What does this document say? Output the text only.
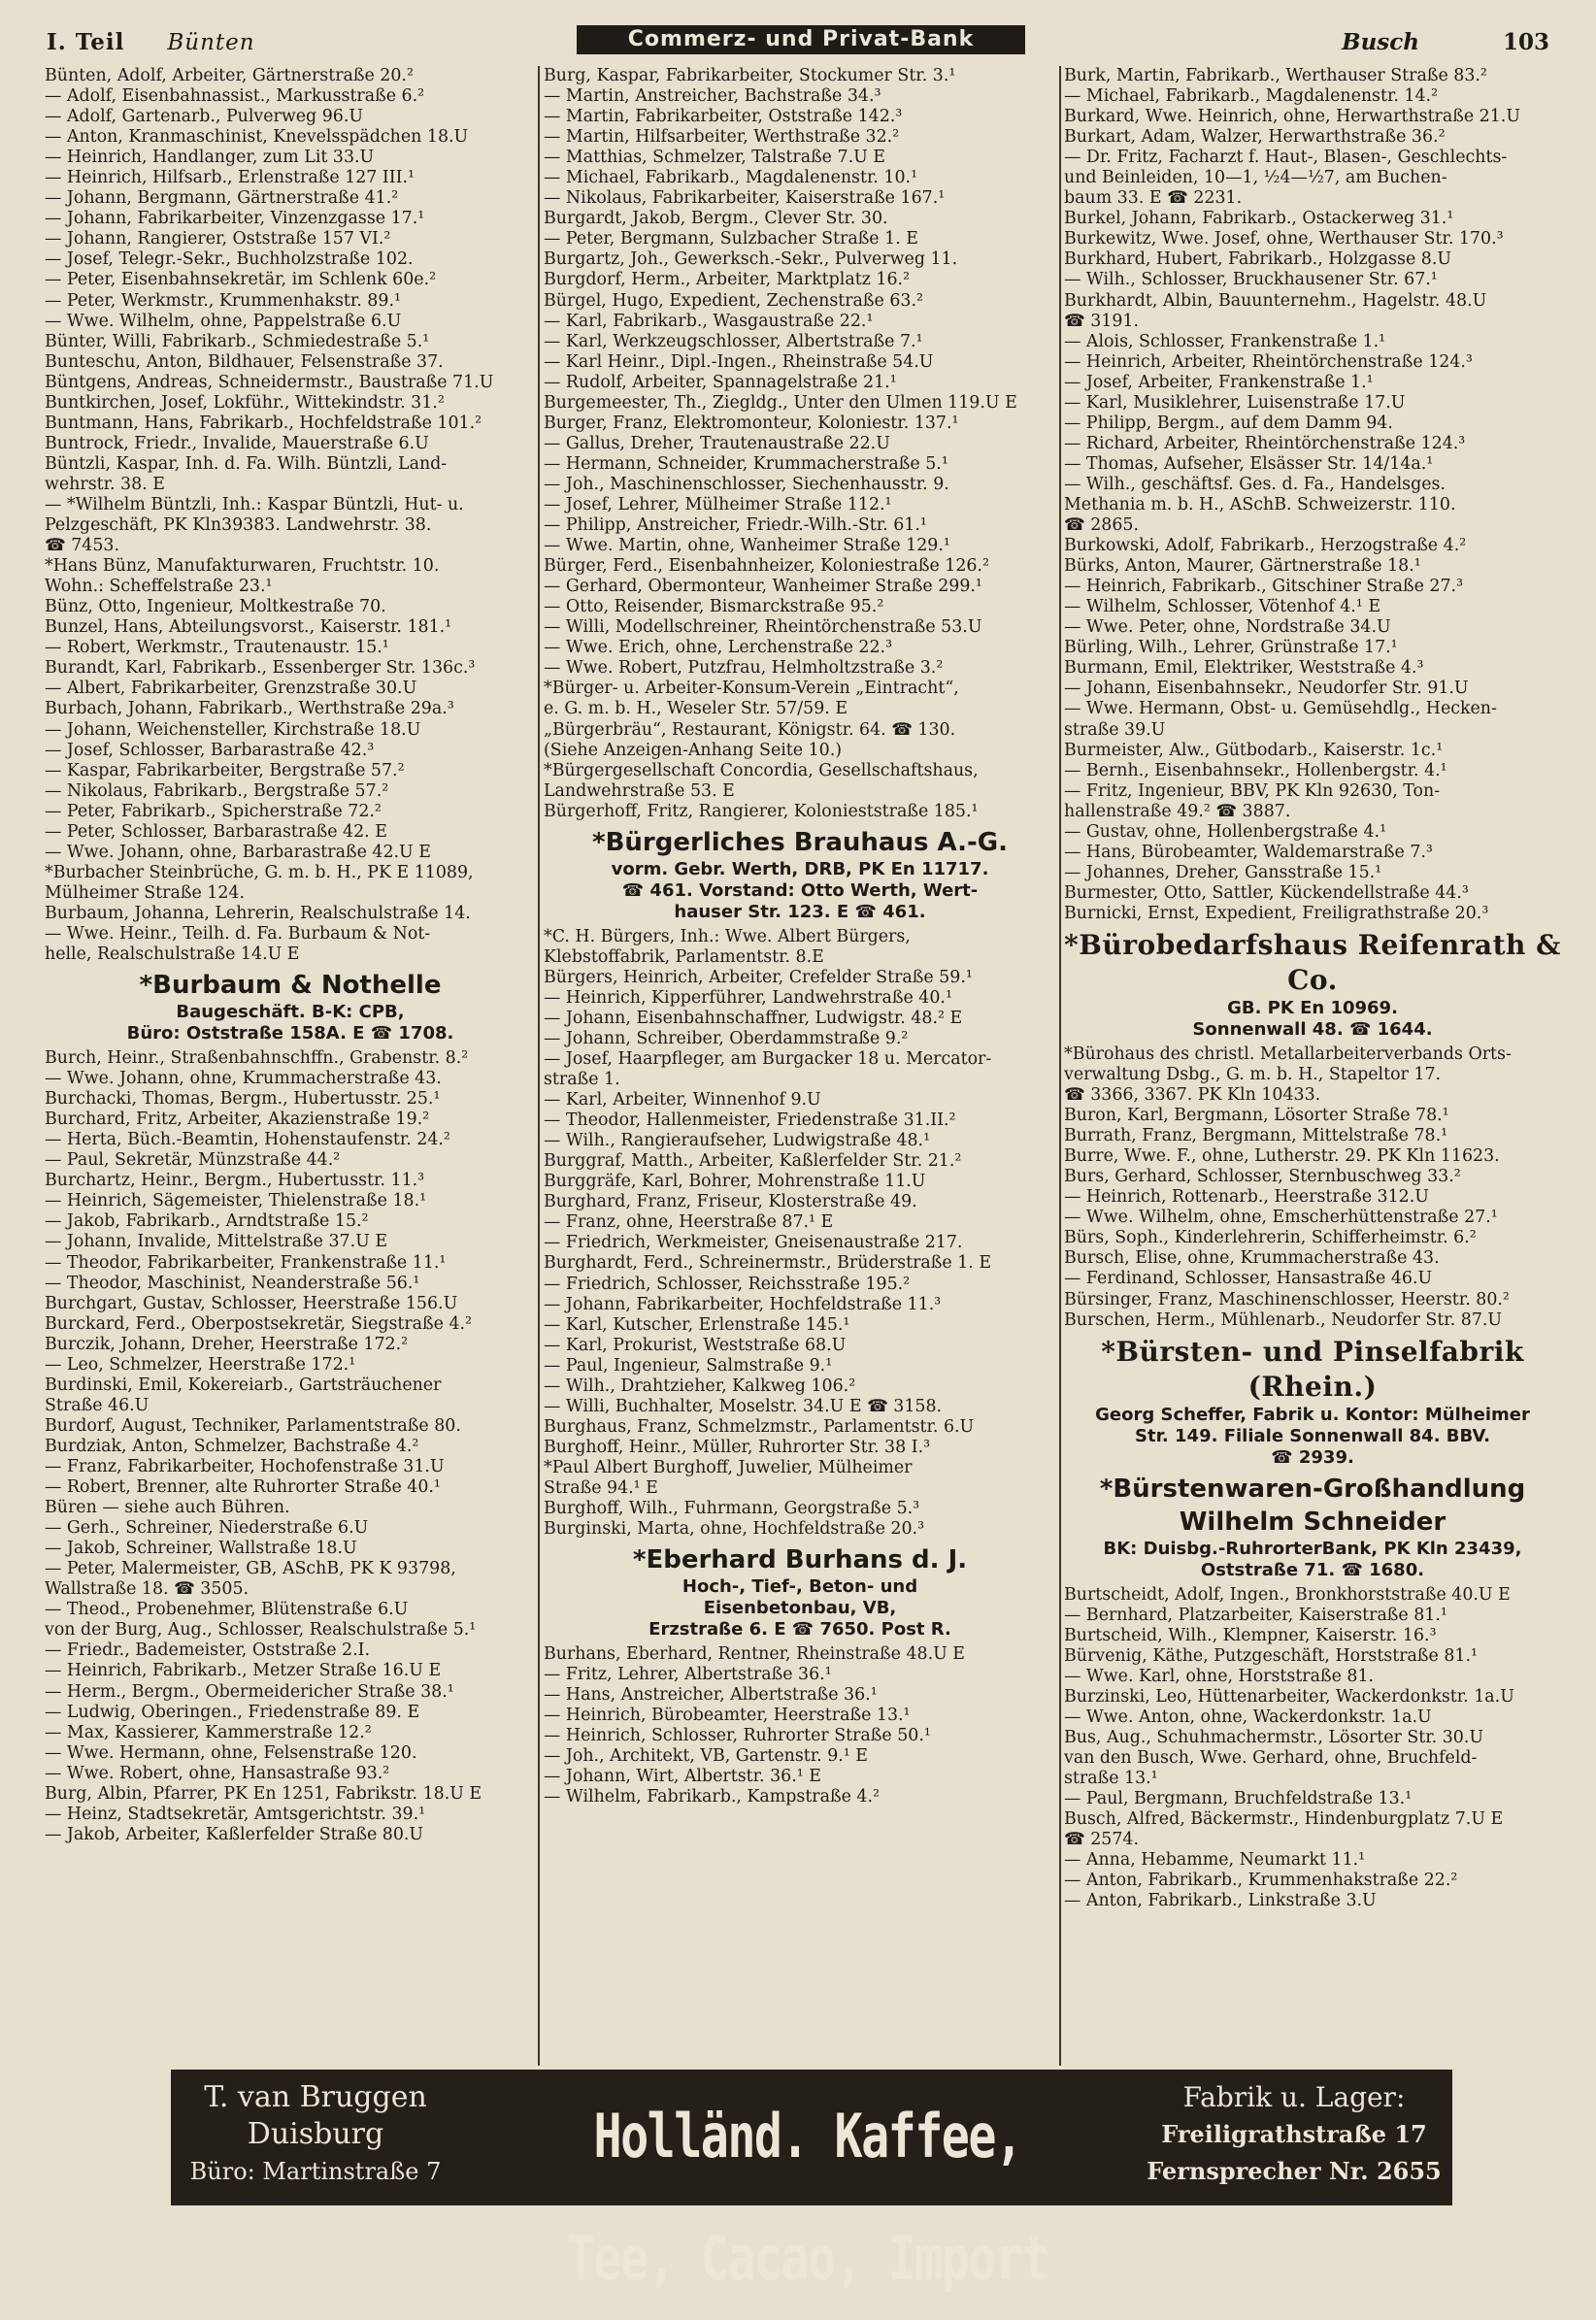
I. Teil Bünten	Commerz- und Privat-Bank	Busch	103
Bünten, Adolf, Arbeiter, Gärtnerstraße 20.²
— Adolf, Eisenbahnassist., Markusstraße 6.²
— Adolf, Gartenarb., Pulverweg 96.U
— Anton, Kranmaschinist, Knevelsspädchen 18.U
— Heinrich, Handlanger, zum Lit 33.U
— Heinrich, Hilfsarb., Erlenstraße 127 III.¹
— Johann, Bergmann, Gärtnerstraße 41.²
— Johann, Fabrikarbeiter, Vinzenzgasse 17.¹
— Johann, Rangierer, Oststraße 157 VI.²
— Josef, Telegr.-Sekr., Buchholzstraße 102.
— Peter, Eisenbahnsekretär, im Schlenk 60e.²
— Peter, Werkmstr., Krummenhakstr. 89.¹
— Wwe. Wilhelm, ohne, Pappelstraße 6.U
Bünter, Willi, Fabrikarb., Schmiedestraße 5.¹
Bunteschu, Anton, Bildhauer, Felsenstraße 37.
Büntgens, Andreas, Schneidermstr., Baustraße 71.U
Buntkirchen, Josef, Lokführ., Wittekindstr. 31.²
Buntmann, Hans, Fabrikarb., Hochfeldstraße 101.²
Buntrock, Friedr., Invalide, Mauerstraße 6.U
Büntzli, Kaspar, Inh. d. Fa. Wilh. Büntzli, Land-
wehrstr. 38. E
— *Wilhelm Büntzli, Inh.: Kaspar Büntzli, Hut- u.
Pelzgeschäft, PK Kln39383. Landwehrstr. 38.
☎ 7453.
*Hans Bünz, Manufakturwaren, Fruchtstr. 10.
Wohn.: Scheffelstraße 23.¹
Bünz, Otto, Ingenieur, Moltkestraße 70.
Bunzel, Hans, Abteilungsvorst., Kaiserstr. 181.¹
— Robert, Werkmstr., Trautenaustr. 15.¹
Burandt, Karl, Fabrikarb., Essenberger Str. 136c.³
— Albert, Fabrikarbeiter, Grenzstraße 30.U
Burbach, Johann, Fabrikarb., Werthstraße 29a.³
— Johann, Weichensteller, Kirchstraße 18.U
— Josef, Schlosser, Barbarastraße 42.³
— Kaspar, Fabrikarbeiter, Bergstraße 57.²
— Nikolaus, Fabrikarb., Bergstraße 57.²
— Peter, Fabrikarb., Spicherstraße 72.²
— Peter, Schlosser, Barbarastraße 42. E
— Wwe. Johann, ohne, Barbarastraße 42.U E
*Burbacher Steinbrüche, G. m. b. H., PK E 11089,
Mülheimer Straße 124.
Burbaum, Johanna, Lehrerin, Realschulstraße 14.
— Wwe. Heinr., Teilh. d. Fa. Burbaum & Not-
helle, Realschulstraße 14.U E
*Burbaum & Nothelle
Baugeschäft. B-K: CPB,
Büro: Oststraße 158A. E ☎ 1708.
Burch, Heinr., Straßenbahnschffn., Grabenstr. 8.²
— Wwe. Johann, ohne, Krummacherstraße 43.
Burchacki, Thomas, Bergm., Hubertusstr. 25.¹
Burchard, Fritz, Arbeiter, Akazienstraße 19.²
— Herta, Büch.-Beamtin, Hohenstaufenstr. 24.²
— Paul, Sekretär, Münzstraße 44.²
Burchartz, Heinr., Bergm., Hubertusstr. 11.³
— Heinrich, Sägemeister, Thielenstraße 18.¹
— Jakob, Fabrikarb., Arndtstraße 15.²
— Johann, Invalide, Mittelstraße 37.U E
— Theodor, Fabrikarbeiter, Frankenstraße 11.¹
— Theodor, Maschinist, Neanderstraße 56.¹
Burchgart, Gustav, Schlosser, Heerstraße 156.U
Burckard, Ferd., Oberpostsekretär, Siegstraße 4.²
Burczik, Johann, Dreher, Heerstraße 172.²
— Leo, Schmelzer, Heerstraße 172.¹
Burdinski, Emil, Kokereiarb., Gartsträuchener
Straße 46.U
Burdorf, August, Techniker, Parlamentstraße 80.
Burdziak, Anton, Schmelzer, Bachstraße 4.²
— Franz, Fabrikarbeiter, Hochofenstraße 31.U
— Robert, Brenner, alte Ruhrorter Straße 40.¹
Büren — siehe auch Bühren.
— Gerh., Schreiner, Niederstraße 6.U
— Jakob, Schreiner, Wallstraße 18.U
— Peter, Malermeister, GB, ASchB, PK K 93798,
Wallstraße 18. ☎ 3505.
— Theod., Probenehmer, Blütenstraße 6.U
von der Burg, Aug., Schlosser, Realschulstraße 5.¹
— Friedr., Bademeister, Oststraße 2.I.
— Heinrich, Fabrikarb., Metzer Straße 16.U E
— Herm., Bergm., Obermeidericher Straße 38.¹
— Ludwig, Oberingen., Friedenstraße 89. E
— Max, Kassierer, Kammerstraße 12.²
— Wwe. Hermann, ohne, Felsenstraße 120.
— Wwe. Robert, ohne, Hansastraße 93.²
Burg, Albin, Pfarrer, PK En 1251, Fabrikstr. 18.U E
— Heinz, Stadtsekretär, Amtsgerichtstr. 39.¹
— Jakob, Arbeiter, Kaßlerfelder Straße 80.U
Burg, Kaspar, Fabrikarbeiter, Stockumer Str. 3.¹
— Martin, Anstreicher, Bachstraße 34.³
— Martin, Fabrikarbeiter, Oststraße 142.³
— Martin, Hilfsarbeiter, Werthstraße 32.²
— Matthias, Schmelzer, Talstraße 7.U E
— Michael, Fabrikarb., Magdalenenstr. 10.¹
— Nikolaus, Fabrikarbeiter, Kaiserstraße 167.¹
Burgardt, Jakob, Bergm., Clever Str. 30.
— Peter, Bergmann, Sulzbacher Straße 1. E
Burgartz, Joh., Gewerksch.-Sekr., Pulverweg 11.
Burgdorf, Herm., Arbeiter, Marktplatz 16.²
Bürgel, Hugo, Expedient, Zechenstraße 63.²
— Karl, Fabrikarb., Wasgaustraße 22.¹
— Karl, Werkzeugschlosser, Albertstraße 7.¹
— Karl Heinr., Dipl.-Ingen., Rheinstraße 54.U
— Rudolf, Arbeiter, Spannagelstraße 21.¹
Burgemeester, Th., Ziegldg., Unter den Ulmen 119.U E
Burger, Franz, Elektromonteur, Koloniestr. 137.¹
— Gallus, Dreher, Trautenaustraße 22.U
— Hermann, Schneider, Krummacherstraße 5.¹
— Joh., Maschinenschlosser, Siechenhausstr. 9.
— Josef, Lehrer, Mülheimer Straße 112.¹
— Philipp, Anstreicher, Friedr.-Wilh.-Str. 61.¹
— Wwe. Martin, ohne, Wanheimer Straße 129.¹
Bürger, Ferd., Eisenbahnheizer, Koloniestraße 126.²
— Gerhard, Obermonteur, Wanheimer Straße 299.¹
— Otto, Reisender, Bismarckstraße 95.²
— Willi, Modellschreiner, Rheintörchenstraße 53.U
— Wwe. Erich, ohne, Lerchenstraße 22.³
— Wwe. Robert, Putzfrau, Helmholtzstraße 3.²
*Bürger- u. Arbeiter-Konsum-Verein „Eintracht“,
e. G. m. b. H., Weseler Str. 57/59. E
„Bürgerbräu“, Restaurant, Königstr. 64. ☎ 130.
(Siehe Anzeigen-Anhang Seite 10.)
*Bürgergesellschaft Concordia, Gesellschaftshaus,
Landwehrstraße 53. E
Bürgerhoff, Fritz, Rangierer, Kolonieststraße 185.¹
*Bürgerliches Brauhaus A.-G.
vorm. Gebr. Werth, DRB, PK En 11717.
☎ 461. Vorstand: Otto Werth, Wert-
hauser Str. 123. E ☎ 461.
*C. H. Bürgers, Inh.: Wwe. Albert Bürgers,
Klebstoffabrik, Parlamentstr. 8.E
Bürgers, Heinrich, Arbeiter, Crefelder Straße 59.¹
— Heinrich, Kipperführer, Landwehrstraße 40.¹
— Johann, Eisenbahnschaffner, Ludwigstr. 48.² E
— Johann, Schreiber, Oberdammstraße 9.²
— Josef, Haarpfleger, am Burgacker 18 u. Mercator-
straße 1.
— Karl, Arbeiter, Winnenhof 9.U
— Theodor, Hallenmeister, Friedenstraße 31.II.²
— Wilh., Rangieraufseher, Ludwigstraße 48.¹
Burggraf, Matth., Arbeiter, Kaßlerfelder Str. 21.²
Burggräfe, Karl, Bohrer, Mohrenstraße 11.U
Burghard, Franz, Friseur, Klosterstraße 49.
— Franz, ohne, Heerstraße 87.¹ E
— Friedrich, Werkmeister, Gneisenaustraße 217.
Burghardt, Ferd., Schreinermstr., Brüderstraße 1. E
— Friedrich, Schlosser, Reichsstraße 195.²
— Johann, Fabrikarbeiter, Hochfeldstraße 11.³
— Karl, Kutscher, Erlenstraße 145.¹
— Karl, Prokurist, Weststraße 68.U
— Paul, Ingenieur, Salmstraße 9.¹
— Wilh., Drahtzieher, Kalkweg 106.²
— Willi, Buchhalter, Moselstr. 34.U E ☎ 3158.
Burghaus, Franz, Schmelzmstr., Parlamentstr. 6.U
Burghoff, Heinr., Müller, Ruhrorter Str. 38 I.³
*Paul Albert Burghoff, Juwelier, Mülheimer
Straße 94.¹ E
Burghoff, Wilh., Fuhrmann, Georgstraße 5.³
Burginski, Marta, ohne, Hochfeldstraße 20.³
*Eberhard Burhans d. J.
Hoch-, Tief-, Beton- und
Eisenbetonbau, VB,
Erzstraße 6. E ☎ 7650. Post R.
Burhans, Eberhard, Rentner, Rheinstraße 48.U E
— Fritz, Lehrer, Albertstraße 36.¹
— Hans, Anstreicher, Albertstraße 36.¹
— Heinrich, Bürobeamter, Heerstraße 13.¹
— Heinrich, Schlosser, Ruhrorter Straße 50.¹
— Joh., Architekt, VB, Gartenstr. 9.¹ E
— Johann, Wirt, Albertstr. 36.¹ E
— Wilhelm, Fabrikarb., Kampstraße 4.²
Burk, Martin, Fabrikarb., Werthauser Straße 83.²
— Michael, Fabrikarb., Magdalenenstr. 14.²
Burkard, Wwe. Heinrich, ohne, Herwarthstraße 21.U
Burkart, Adam, Walzer, Herwarthstraße 36.²
— Dr. Fritz, Facharzt f. Haut-, Blasen-, Geschlechts-
und Beinleiden, 10—1, ½4—½7, am Buchen-
baum 33. E ☎ 2231.
Burkel, Johann, Fabrikarb., Ostackerweg 31.¹
Burkewitz, Wwe. Josef, ohne, Werthauser Str. 170.³
Burkhard, Hubert, Fabrikarb., Holzgasse 8.U
— Wilh., Schlosser, Bruckhausener Str. 67.¹
Burkhardt, Albin, Bauunternehm., Hagelstr. 48.U
☎ 3191.
— Alois, Schlosser, Frankenstraße 1.¹
— Heinrich, Arbeiter, Rheintörchenstraße 124.³
— Josef, Arbeiter, Frankenstraße 1.¹
— Karl, Musiklehrer, Luisenstraße 17.U
— Philipp, Bergm., auf dem Damm 94.
— Richard, Arbeiter, Rheintörchenstraße 124.³
— Thomas, Aufseher, Elsässer Str. 14/14a.¹
— Wilh., geschäftsf. Ges. d. Fa., Handelsges.
Methania m. b. H., ASchB. Schweizerstr. 110.
☎ 2865.
Burkowski, Adolf, Fabrikarb., Herzogstraße 4.²
Bürks, Anton, Maurer, Gärtnerstraße 18.¹
— Heinrich, Fabrikarb., Gitschiner Straße 27.³
— Wilhelm, Schlosser, Vötenhof 4.¹ E
— Wwe. Peter, ohne, Nordstraße 34.U
Bürling, Wilh., Lehrer, Grünstraße 17.¹
Burmann, Emil, Elektriker, Weststraße 4.³
— Johann, Eisenbahnsekr., Neudorfer Str. 91.U
— Wwe. Hermann, Obst- u. Gemüsehdlg., Hecken-
straße 39.U
Burmeister, Alw., Gütbodarb., Kaiserstr. 1c.¹
— Bernh., Eisenbahnsekr., Hollenbergstr. 4.¹
— Fritz, Ingenieur, BBV, PK Kln 92630, Ton-
hallenstraße 49.² ☎ 3887.
— Gustav, ohne, Hollenbergstraße 4.¹
— Hans, Bürobeamter, Waldemarstraße 7.³
— Johannes, Dreher, Gansstraße 15.¹
Burmester, Otto, Sattler, Kückendellstraße 44.³
Burnicki, Ernst, Expedient, Freiligrathstraße 20.³
*Bürobedarfshaus Reifenrath & Co.
GB. PK En 10969.
Sonnenwall 48. ☎ 1644.
*Bürohaus des christl. Metallarbeiterverbands Orts-
verwaltung Dsbg., G. m. b. H., Stapeltor 17.
☎ 3366, 3367. PK Kln 10433.
Buron, Karl, Bergmann, Lösorter Straße 78.¹
Burrath, Franz, Bergmann, Mittelstraße 78.¹
Burre, Wwe. F., ohne, Lutherstr. 29. PK Kln 11623.
Burs, Gerhard, Schlosser, Sternbuschweg 33.²
— Heinrich, Rottenarb., Heerstraße 312.U
— Wwe. Wilhelm, ohne, Emscherhüttenstraße 27.¹
Bürs, Soph., Kinderlehrerin, Schifferheimstr. 6.²
Bursch, Elise, ohne, Krummacherstraße 43.
— Ferdinand, Schlosser, Hansastraße 46.U
Bürsinger, Franz, Maschinenschlosser, Heerstr. 80.²
Burschen, Herm., Mühlenarb., Neudorfer Str. 87.U
*Bürsten- und Pinselfabrik (Rhein.)
Georg Scheffer, Fabrik u. Kontor: Mülheimer
Str. 149. Filiale Sonnenwall 84. BBV.
☎ 2939.
*Bürstenwaren-Großhandlung
Wilhelm Schneider
BK: Duisbg.-RuhrorterBank, PK Kln 23439,
Oststraße 71. ☎ 1680.
Burtscheidt, Adolf, Ingen., Bronkhorststraße 40.U E
— Bernhard, Platzarbeiter, Kaiserstraße 81.¹
Burtscheid, Wilh., Klempner, Kaiserstr. 16.³
Bürvenig, Käthe, Putzgeschäft, Horststraße 81.¹
— Wwe. Karl, ohne, Horststraße 81.
Burzinski, Leo, Hüttenarbeiter, Wackerdonkstr. 1a.U
— Wwe. Anton, ohne, Wackerdonkstr. 1a.U
Bus, Aug., Schuhmachermstr., Lösorter Str. 30.U
van den Busch, Wwe. Gerhard, ohne, Bruchfeld-
straße 13.¹
— Paul, Bergmann, Bruchfeldstraße 13.¹
Busch, Alfred, Bäckermstr., Hindenburgplatz 7.U E
☎ 2574.
— Anna, Hebamme, Neumarkt 11.¹
— Anton, Fabrikarb., Krummenhakstraße 22.²
— Anton, Fabrikarb., Linkstraße 3.U
T. van Bruggen
Duisburg
Büro: Martinstraße 7	Holländ. Kaffee, Tee, Cacao, Import
Fabrik u. Lager:
Freiligrathstraße 17
Fernsprecher Nr. 2655
